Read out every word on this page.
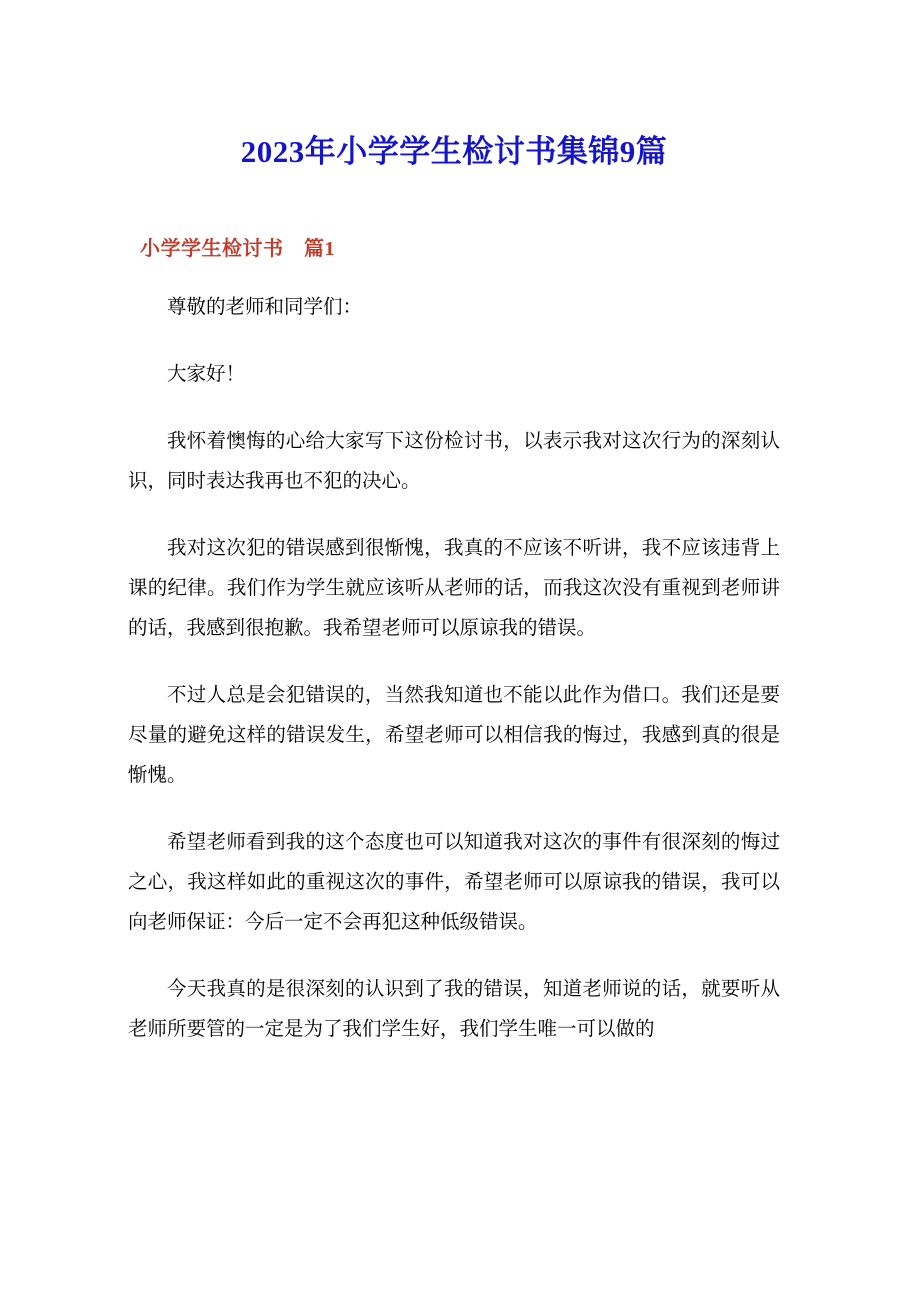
2023年小学学生检讨书集锦9篇
小学学生检讨书　篇1

尊敬的老师和同学们：

大家好！

我怀着懊悔的心给大家写下这份检讨书，以表示我对这次行为的深刻认识，同时表达我再也不犯的决心。

我对这次犯的错误感到很惭愧，我真的不应该不听讲，我不应该违背上课的纪律。我们作为学生就应该听从老师的话，而我这次没有重视到老师讲的话，我感到很抱歉。我希望老师可以原谅我的错误。

不过人总是会犯错误的，当然我知道也不能以此作为借口。我们还是要尽量的避免这样的错误发生，希望老师可以相信我的悔过，我感到真的很是惭愧。

希望老师看到我的这个态度也可以知道我对这次的事件有很深刻的悔过之心，我这样如此的重视这次的事件，希望老师可以原谅我的错误，我可以向老师保证：今后一定不会再犯这种低级错误。

今天我真的是很深刻的认识到了我的错误，知道老师说的话，就要听从老师所要管的一定是为了我们学生好，我们学生唯一可以做的
